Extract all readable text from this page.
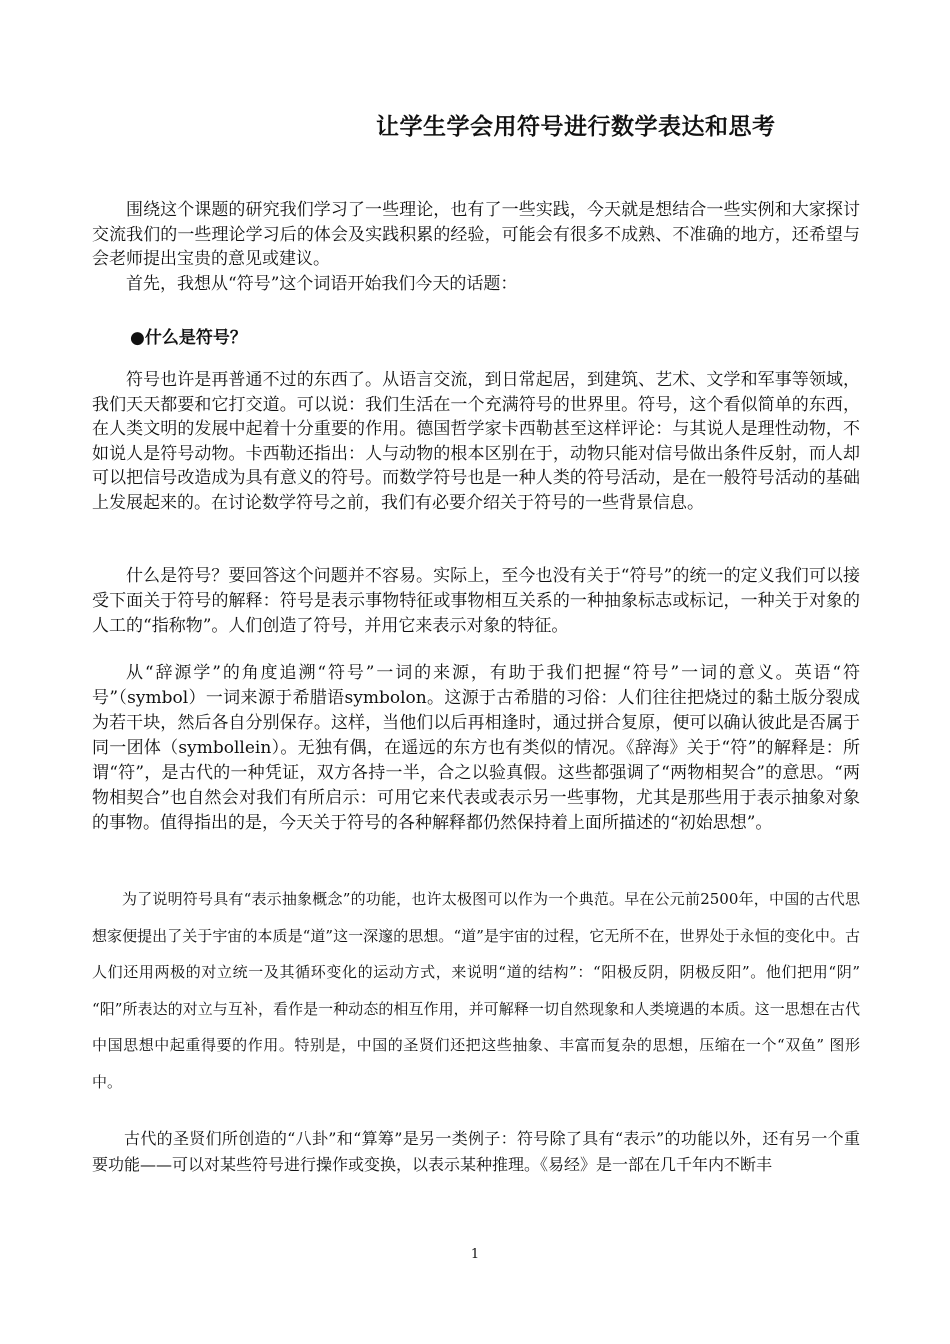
让学生学会用符号进行数学表达和思考

围绕这个课题的研究我们学习了一些理论，也有了一些实践，今天就是想结合一些实例和大家探讨交流我们的一些理论学习后的体会及实践积累的经验，可能会有很多不成熟、不准确的地方，还希望与会老师提出宝贵的意见或建议。

首先，我想从“符号”这个词语开始我们今天的话题：

●什么是符号？

符号也许是再普通不过的东西了。从语言交流，到日常起居，到建筑、艺术、文学和军事等领域，我们天天都要和它打交道。可以说：我们生活在一个充满符号的世界里。符号，这个看似简单的东西，在人类文明的发展中起着十分重要的作用。德国哲学家卡西勒甚至这样评论：与其说人是理性动物，不如说人是符号动物。卡西勒还指出：人与动物的根本区别在于，动物只能对信号做出条件反射，而人却可以把信号改造成为具有意义的符号。而数学符号也是一种人类的符号活动，是在一般符号活动的基础上发展起来的。在讨论数学符号之前，我们有必要介绍关于符号的一些背景信息。

什么是符号？要回答这个问题并不容易。实际上，至今也没有关于“符号”的统一的定义我们可以接受下面关于符号的解释：符号是表示事物特征或事物相互关系的一种抽象标志或标记，一种关于对象的人工的“指称物”。人们创造了符号，并用它来表示对象的特征。

从“辞源学”的角度追溯“符号”一词的来源，有助于我们把握“符号”一词的意义。英语“符号”（symbol）一词来源于希腊语symbolon。这源于古希腊的习俗：人们往往把烧过的黏土版分裂成为若干块，然后各自分别保存。这样，当他们以后再相逢时，通过拼合复原，便可以确认彼此是否属于同一团体（symbollein）。无独有偶，在遥远的东方也有类似的情况。《辞海》关于“符”的解释是：所谓“符”，是古代的一种凭证，双方各持一半，合之以验真假。这些都强调了“两物相契合”的意思。“两物相契合”也自然会对我们有所启示：可用它来代表或表示另一些事物，尤其是那些用于表示抽象对象的事物。值得指出的是，今天关于符号的各种解释都仍然保持着上面所描述的“初始思想”。

为了说明符号具有“表示抽象概念”的功能，也许太极图可以作为一个典范。早在公元前2500年，中国的古代思想家便提出了关于宇宙的本质是“道”这一深邃的思想。“道”是宇宙的过程，它无所不在，世界处于永恒的变化中。古人们还用两极的对立统一及其循环变化的运动方式，来说明“道的结构”：“阳极反阴，阴极反阳”。他们把用“阴” “阳”所表达的对立与互补，看作是一种动态的相互作用，并可解释一切自然现象和人类境遇的本质。这一思想在古代中国思想中起重得要的作用。特别是，中国的圣贤们还把这些抽象、丰富而复杂的思想，压缩在一个“双鱼” 图形中。

古代的圣贤们所创造的“八卦”和“算筹”是另一类例子：符号除了具有“表示”的功能以外，还有另一个重要功能——可以对某些符号进行操作或变换，以表示某种推理。《易经》是一部在几千年内不断丰

1
